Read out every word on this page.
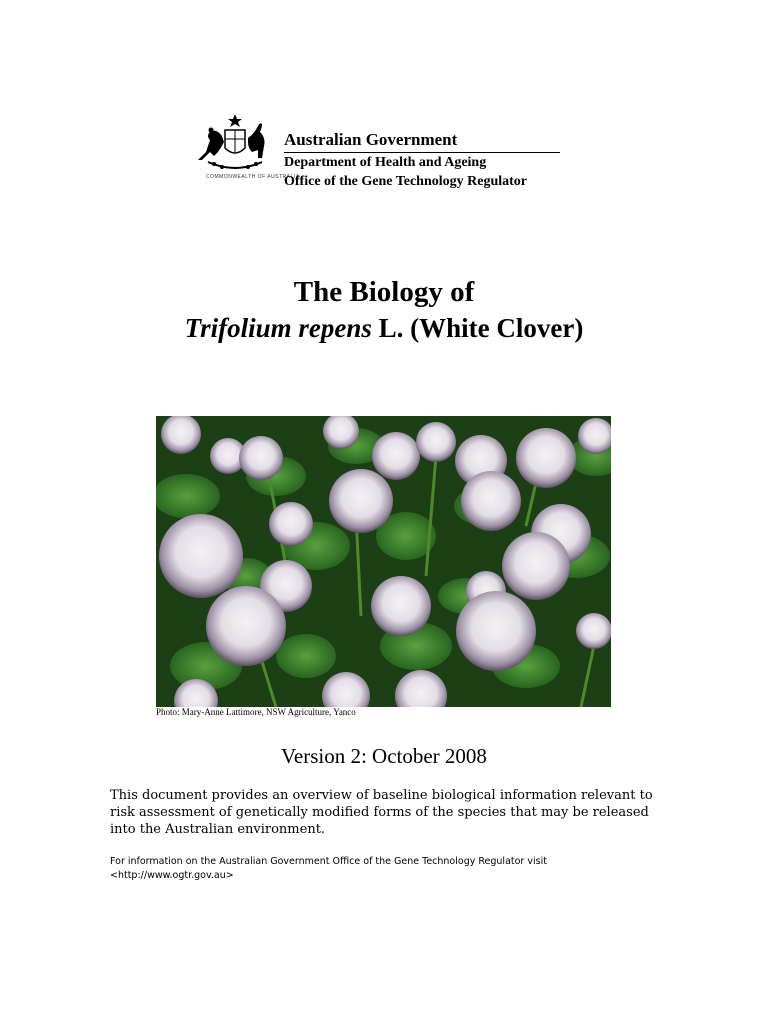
COMMONWEALTH OF AUSTRALIA
Australian Government
Department of Health and Ageing
Office of the Gene Technology Regulator
The Biology of
Trifolium repens L. (White Clover)
Photo: Mary-Anne Lattimore, NSW Agriculture, Yanco
Version 2: October 2008
This document provides an overview of baseline biological information relevant to risk assessment of genetically modified forms of the species that may be released into the Australian environment.
For information on the Australian Government Office of the Gene Technology Regulator visit
<http://www.ogtr.gov.au>
